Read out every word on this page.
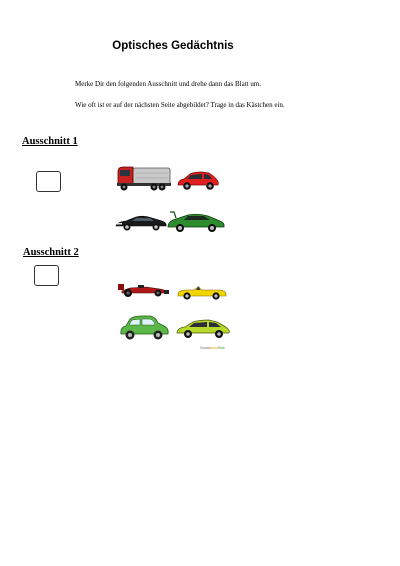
Optisches Gedächtnis
Merke Dir den folgenden Ausschnitt und drehe dann das Blatt um.
Wie oft ist er auf der nächsten Seite abgebildet? Trage in das Kästchen ein.
Ausschnitt 1
Ausschnitt 2
GrundschulKids
